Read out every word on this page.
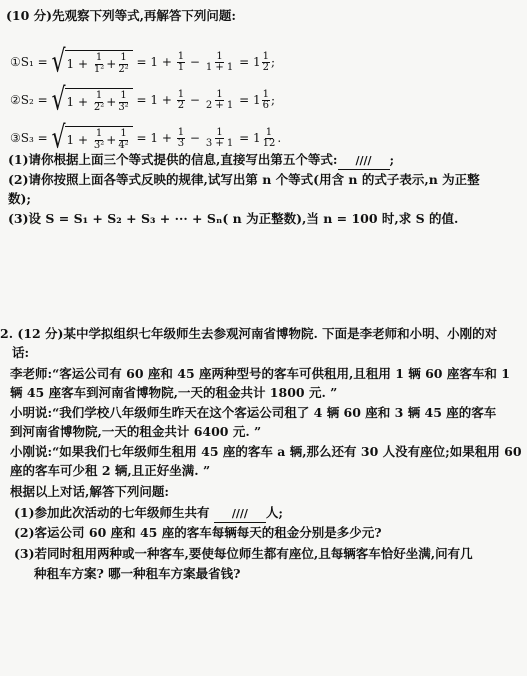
(10 分)先观察下列等式,再解答下列问题:
①S₁ = √ 1 +
$\frac{1}{\text{1²}} + \frac{1}{\text{2²}} = 1 + \frac{1}{1} - \frac{1}{1 + 1} = 1 \frac{1}{2}$ ;
②S₂ = √ 1 +
$\frac{1}{\text{2²}} + \frac{1}{\text{3²}} = 1 + \frac{1}{2} - \frac{1}{2 + 1} = 1 \frac{1}{6}$ ;
③S₃ = √ 1 +
$\frac{1}{\text{3²}} + \frac{1}{\text{4²}} = 1 + \frac{1}{3} - \frac{1}{3 + 1} = 1 \frac{1}{12}$ .
(1)请你根据上面三个等式提供的信息,直接写出第五个等式: //// ;
(2)请你按照上面各等式反映的规律,试写出第 n 个等式(用含 n 的式子表示,n 为正整
数);
(3)设 S = S₁ + S₂ + S₃ + ··· + Sₙ( n 为正整数),当 n = 100 时,求 S 的值.
2. (12 分)某中学拟组织七年级师生去参观河南省博物院. 下面是李老师和小明、小刚的对
话:
李老师:“客运公司有 60 座和 45 座两种型号的客车可供租用,且租用 1 辆 60 座客车和 1
辆 45 座客车到河南省博物院,一天的租金共计 1800 元. ”
小明说:“我们学校八年级师生昨天在这个客运公司租了 4 辆 60 座和 3 辆 45 座的客车
到河南省博物院,一天的租金共计 6400 元. ”
小刚说:“如果我们七年级师生租用 45 座的客车 a 辆,那么还有 30 人没有座位;如果租用 60
座的客车可少租 2 辆,且正好坐满. ”
根据以上对话,解答下列问题:
(1)参加此次活动的七年级师生共有 //// 人;
(2)客运公司 60 座和 45 座的客车每辆每天的租金分别是多少元?
(3)若同时租用两种或一种客车,要使每位师生都有座位,且每辆客车恰好坐满,问有几
种租车方案? 哪一种租车方案最省钱?
